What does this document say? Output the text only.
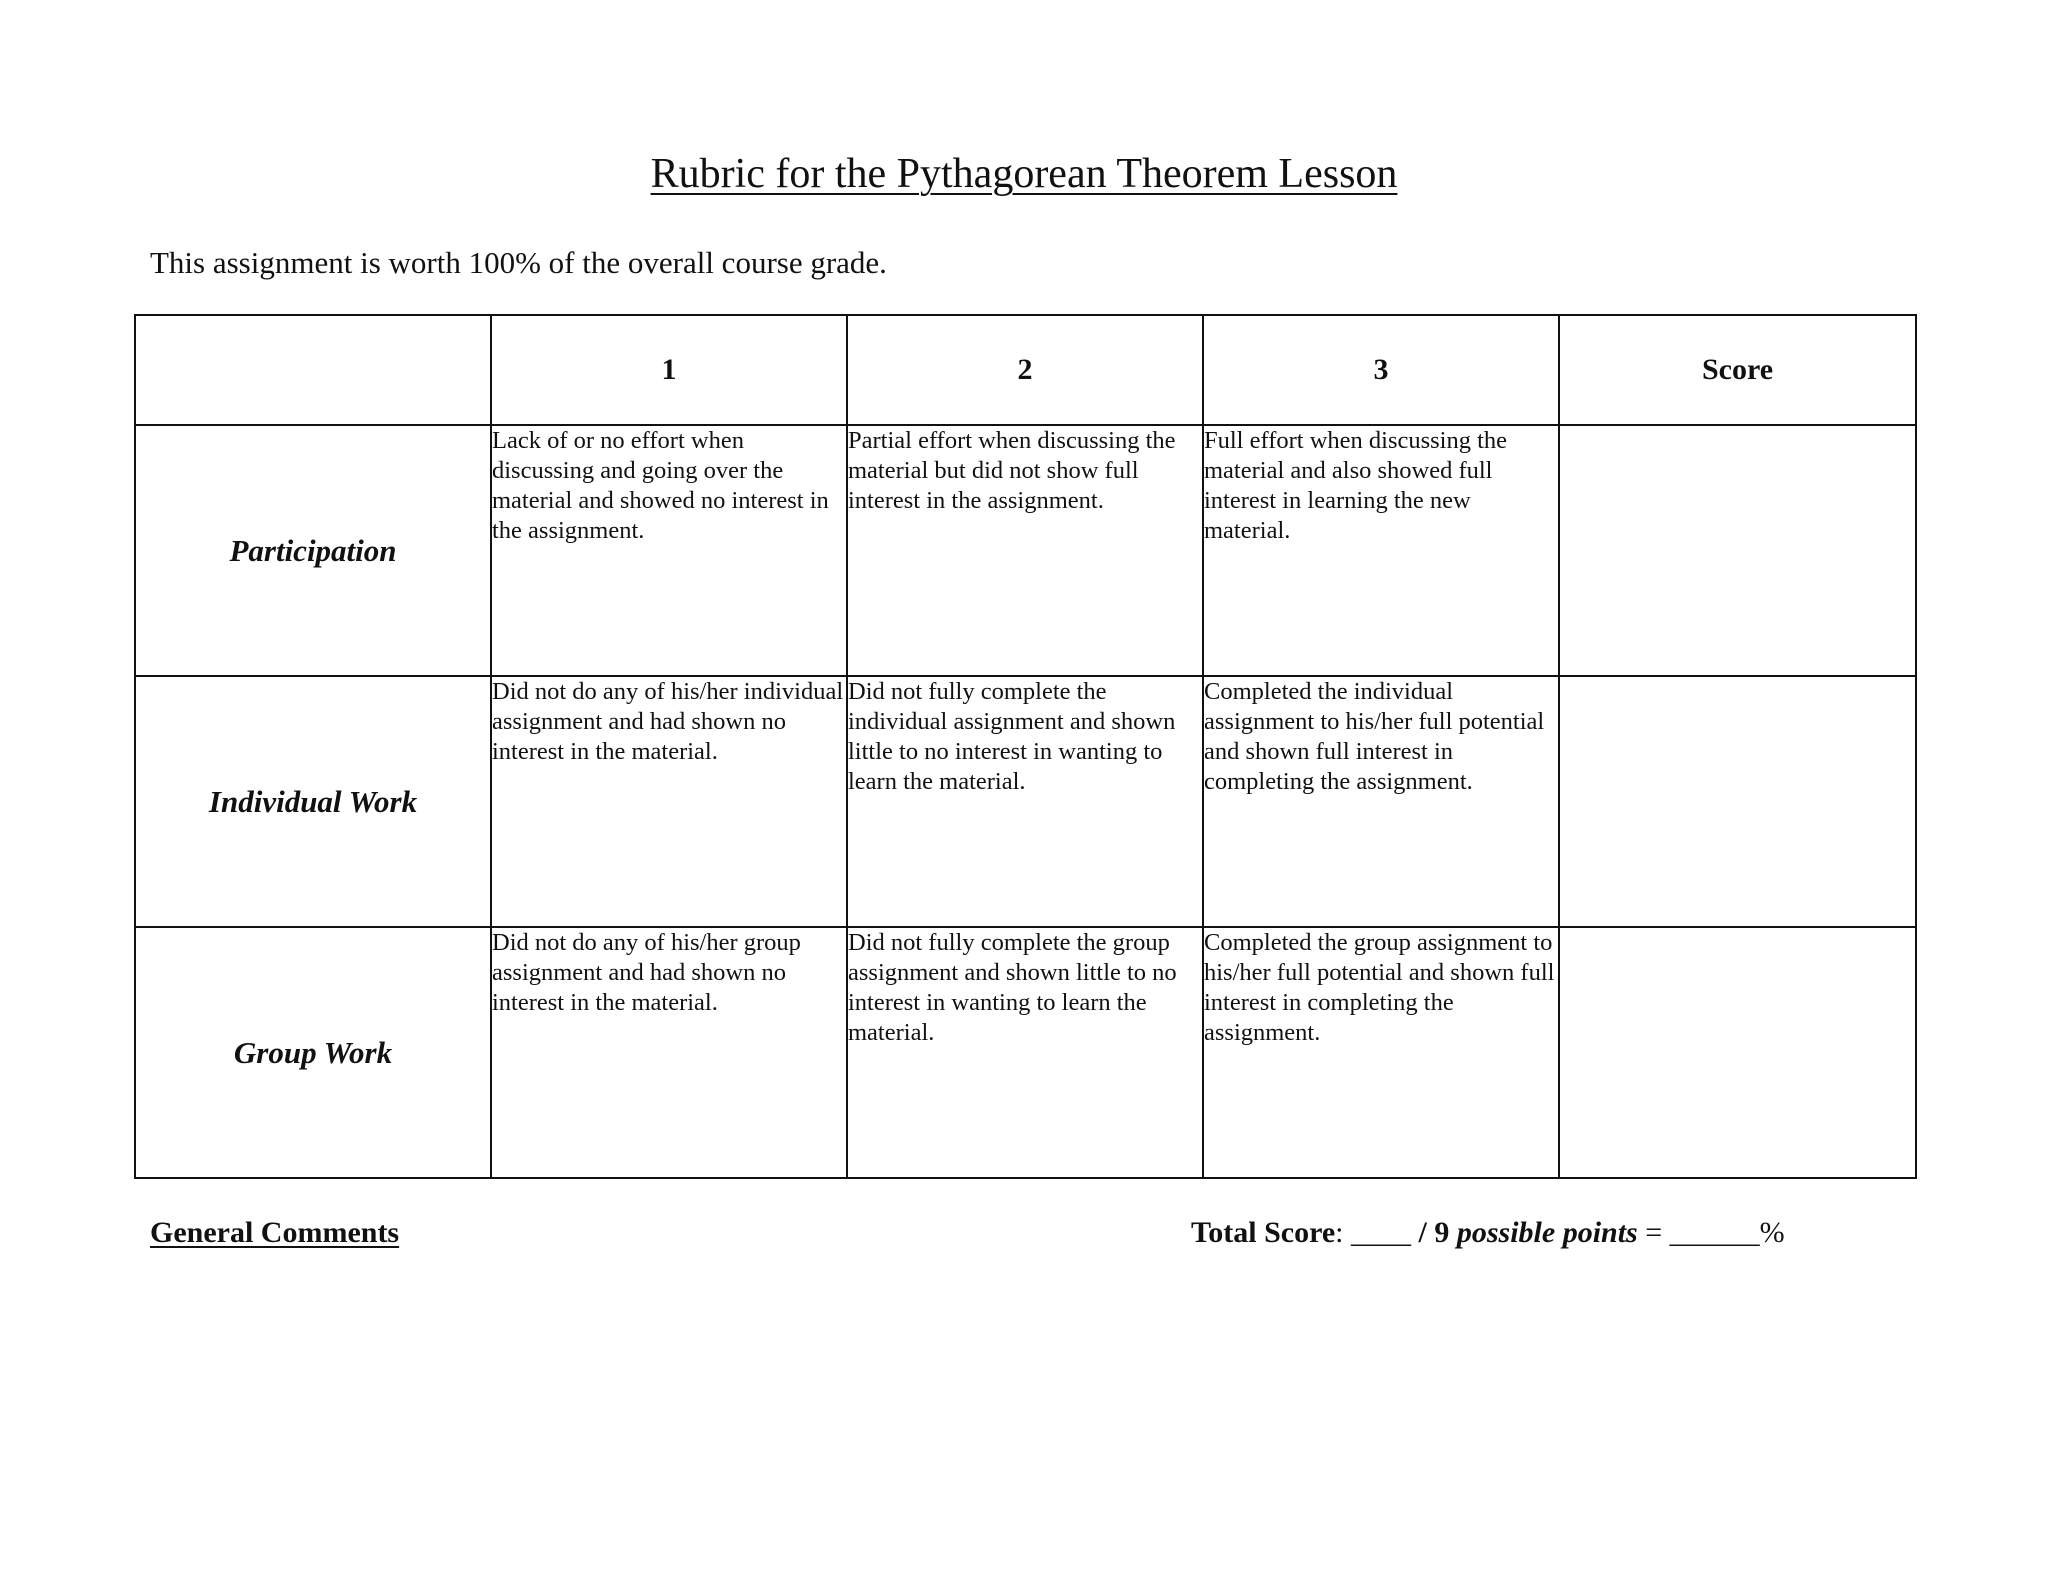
Rubric for the Pythagorean Theorem Lesson

This assignment is worth 100% of the overall course grade.

	1	2	3	Score
Participation	Lack of or no effort when discussing and going over the material and showed no interest in the assignment.	Partial effort when discussing the material but did not show full interest in the assignment.	Full effort when discussing the material and also showed full interest in learning the new material.	
Individual Work	Did not do any of his/her individual assignment and had shown no interest in the material.	Did not fully complete the individual assignment and shown little to no interest in wanting to learn the material.	Completed the individual assignment to his/her full potential and shown full interest in completing the assignment.	
Group Work	Did not do any of his/her group assignment and had shown no interest in the material.	Did not fully complete the group assignment and shown little to no interest in wanting to learn the material.	Completed the group assignment to his/her full potential and shown full interest in completing the assignment.	

General Comments	Total Score: ____ / 9 possible points = ______%
